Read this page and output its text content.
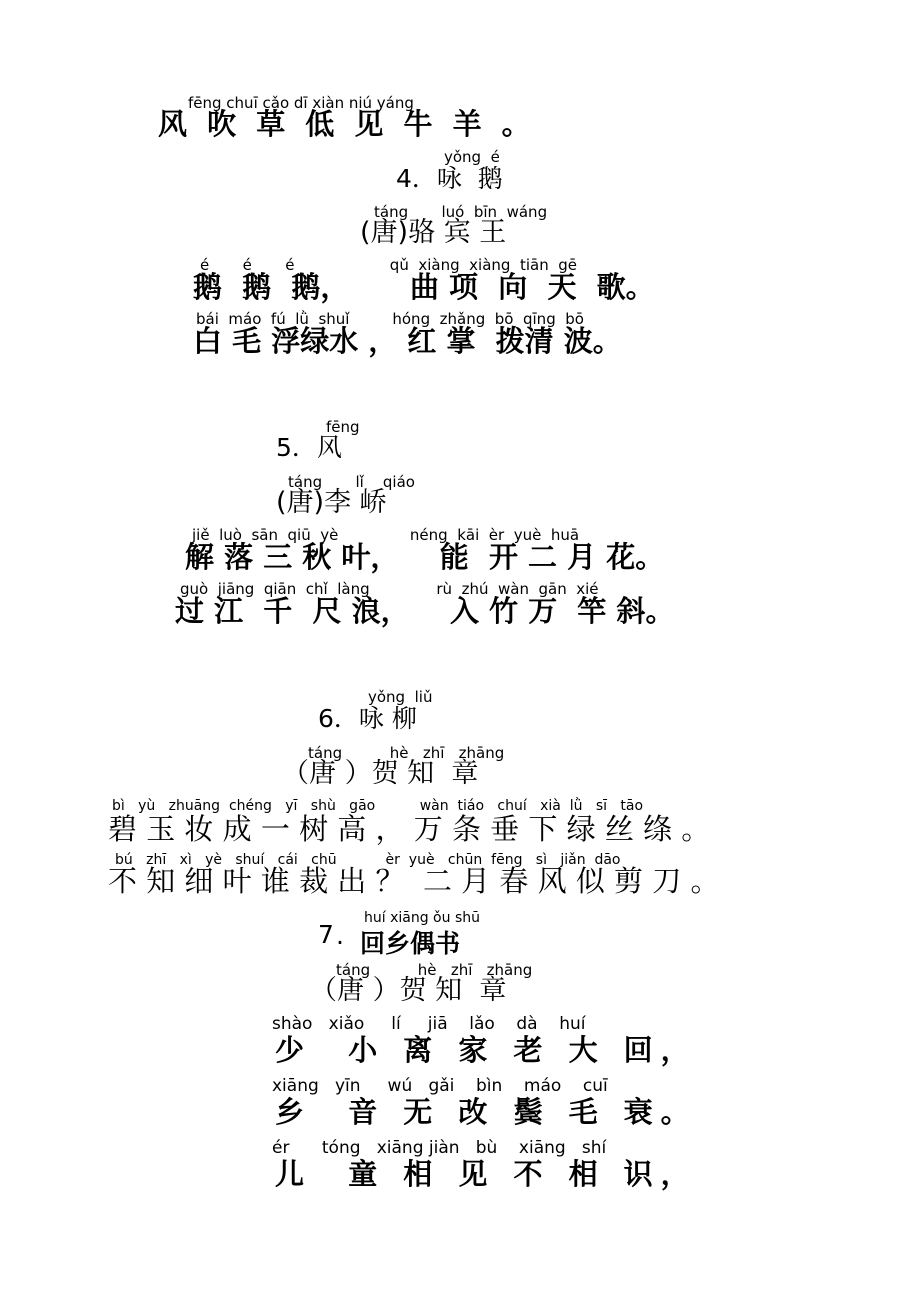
fēng chuī cǎo dī xiàn niú yáng
风 吹 草 低 见 牛 羊 。
yǒng  é
4．咏  鹅
táng       luó  bīn  wáng
(唐)骆 宾 王
é       é       é                    qǔ  xiàng  xiàng  tiān  gē
鹅  鹅  鹅，      曲 项  向  天  歌。
bái  máo  fú  lǜ  shuǐ         hóng  zhǎng  bō  qīng  bō
白 毛 浮绿水 ， 红 掌  拨清 波。
fēng
5．风
táng       lǐ    qiáo
(唐)李 峤
jiě  luò  sān  qiū  yè               néng  kāi  èr  yuè  huā
解 落 三 秋 叶，    能  开 二 月 花。
guò  jiāng  qiān  chǐ  làng              rù  zhú  wàn  gān  xié
过 江  千  尺 浪，    入 竹 万  竿 斜。
yǒng  liǔ
6．咏 柳
táng          hè   zhī   zhāng
（唐 ）贺 知  章
bì   yù   zhuāng  chéng   yī   shù   gāo          wàn  tiáo   chuí   xià  lǜ   sī   tāo
碧 玉 妆 成 一 树 高 ， 万 条 垂 下 绿 丝 绦 。
bú   zhī   xì   yè   shuí   cái   chū           èr  yuè   chūn  fēng   sì   jiǎn  dāo
不 知 细 叶 谁 裁 出 ？  二 月 春 风 似 剪 刀 。
huí xiāng ǒu shū
7 · 回乡偶书
táng          hè   zhī   zhāng
（唐 ）贺 知  章
shào   xiǎo     lí     jiā    lǎo    dà    huí
少  小 离 家 老 大 回，
xiāng   yīn     wú   gǎi    bìn    máo    cuī
乡  音 无 改 鬓 毛 衰。
ér      tóng   xiāng jiàn   bù    xiāng   shí
儿  童 相 见 不 相 识，
